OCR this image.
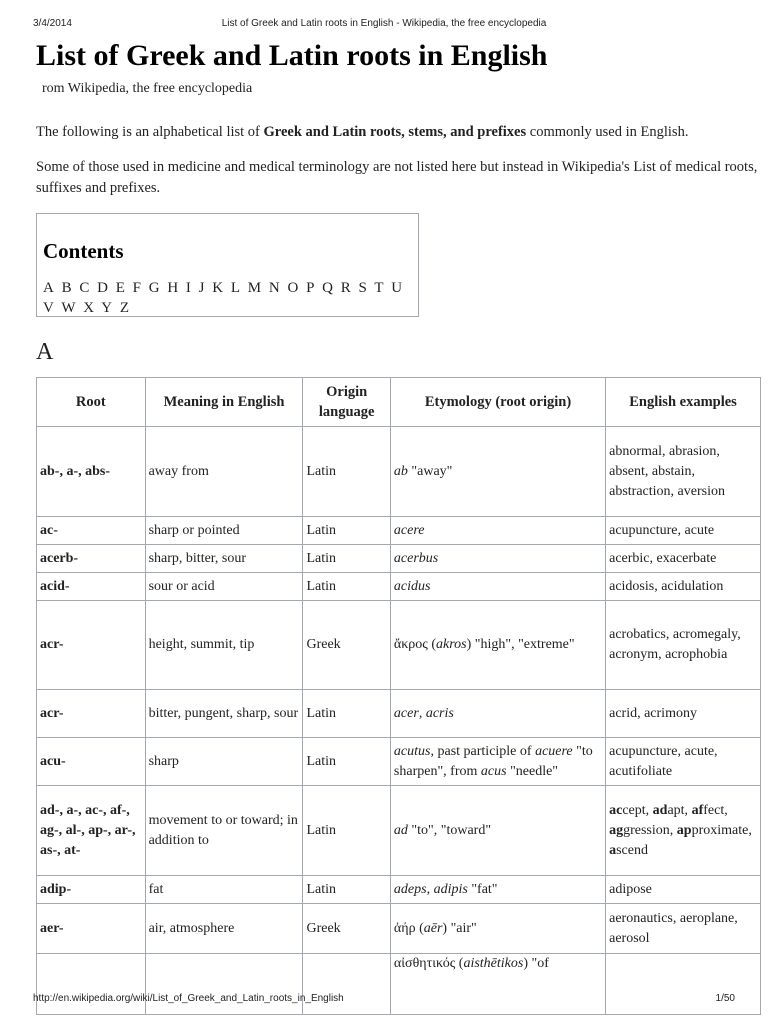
3/4/2014	List of Greek and Latin roots in English - Wikipedia, the free encyclopedia
List of Greek and Latin roots in English
rom Wikipedia, the free encyclopedia

The following is an alphabetical list of Greek and Latin roots, stems, and prefixes commonly used in English.

Some of those used in medicine and medical terminology are not listed here but instead in Wikipedia's List of medical roots, suffixes and prefixes.

Contents
A B C D E F G H I J K L M N O P Q R S T U V W X Y Z
A
Root	Meaning in English	Origin language	Etymology (root origin)	English examples
ab-, a-, abs-	away from	Latin	ab "away"	abnormal, abrasion, absent, abstain, abstraction, aversion
ac-	sharp or pointed	Latin	acere	acupuncture, acute
acerb-	sharp, bitter, sour	Latin	acerbus	acerbic, exacerbate
acid-	sour or acid	Latin	acidus	acidosis, acidulation
acr-	height, summit, tip	Greek	ἄκρος (akros) "high", "extreme"	acrobatics, acromegaly, acronym, acrophobia
acr-	bitter, pungent, sharp, sour	Latin	acer, acris	acrid, acrimony
acu-	sharp	Latin	acutus, past participle of acuere "to sharpen", from acus "needle"	acupuncture, acute, acutifoliate
ad-, a-, ac-, af-, ag-, al-, ap-, ar-, as-, at-	movement to or toward; in addition to	Latin	ad "to", "toward"	accept, adapt, affect, aggression, approximate, ascend
adip-	fat	Latin	adeps, adipis "fat"	adipose
aer-	air, atmosphere	Greek	ἀήρ (aēr) "air"	aeronautics, aeroplane, aerosol
			αἰσθητικός (aisthētikos) "of	
http://en.wikipedia.org/wiki/List_of_Greek_and_Latin_roots_in_English	1/50
